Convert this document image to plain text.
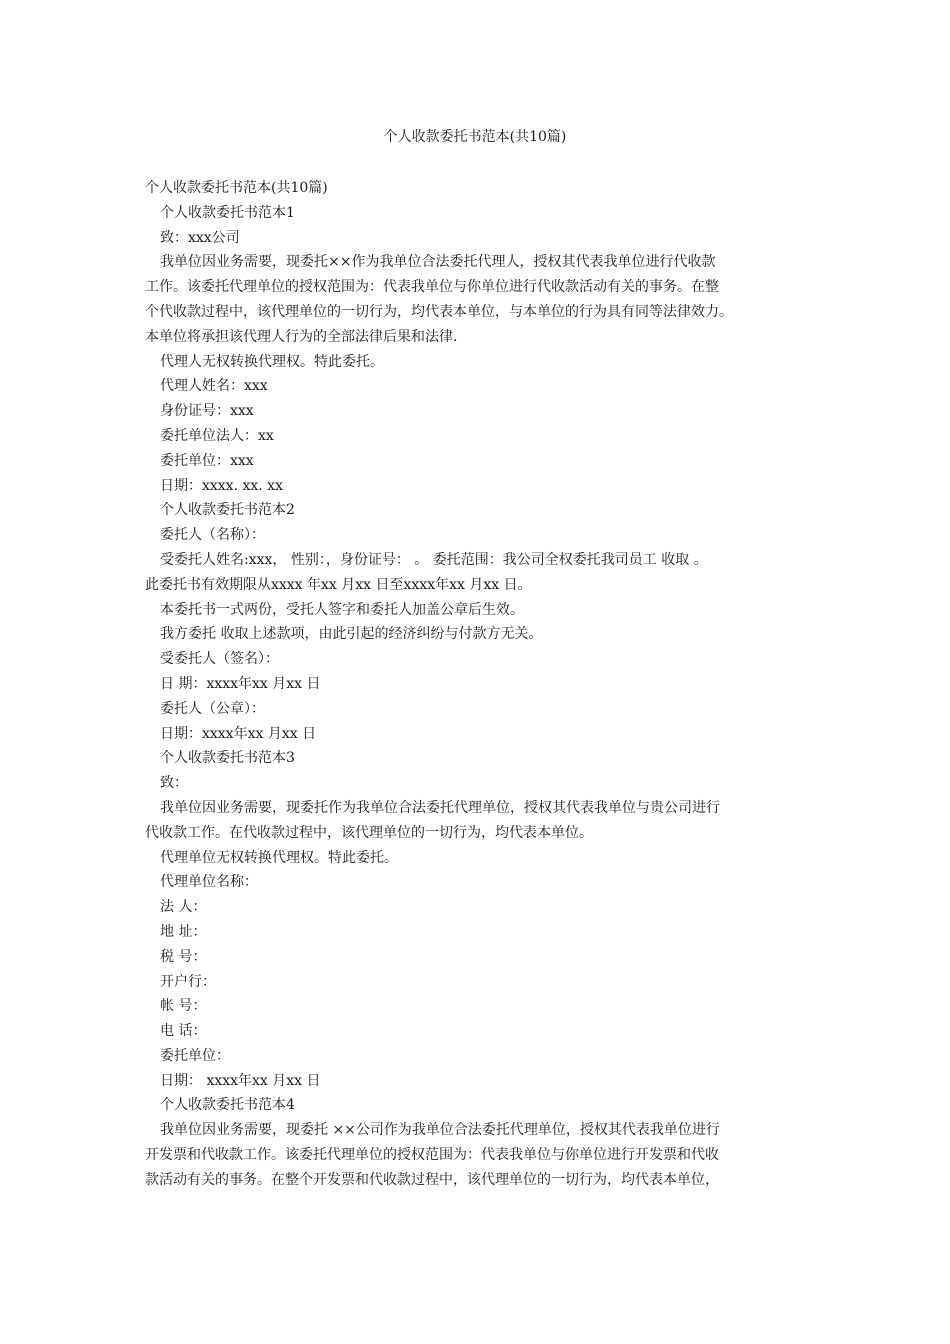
个人收款委托书范本(共10篇)
个人收款委托书范本(共10篇)
个人收款委托书范本1
致：xxx公司
我单位因业务需要，现委托××作为我单位合法委托代理人，授权其代表我单位进行代收款
工作。该委托代理单位的授权范围为：代表我单位与你单位进行代收款活动有关的事务。在整
个代收款过程中，该代理单位的一切行为，均代表本单位，与本单位的行为具有同等法律效力。
本单位将承担该代理人行为的全部法律后果和法律.
代理人无权转换代理权。特此委托。
代理人姓名：xxx
身份证号：xxx
委托单位法人：xx
委托单位：xxx
日期：xxxx. xx. xx
个人收款委托书范本2
委托人（名称）：
受委托人姓名:xxx， 性别：，身份证号： 。 委托范围：我公司全权委托我司员工 收取 。
此委托书有效期限从xxxx 年xx 月xx 日至xxxx年xx 月xx 日。
本委托书一式两份，受托人签字和委托人加盖公章后生效。
我方委托 收取上述款项，由此引起的经济纠纷与付款方无关。
受委托人（签名）：
日 期：xxxx年xx 月xx 日
委托人（公章）：
日期：xxxx年xx 月xx 日
个人收款委托书范本3
致：
我单位因业务需要，现委托作为我单位合法委托代理单位，授权其代表我单位与贵公司进行
代收款工作。在代收款过程中，该代理单位的一切行为，均代表本单位。
代理单位无权转换代理权。特此委托。
代理单位名称：
法 人：
地 址：
税 号：
开户行：
帐 号：
电 话：
委托单位：
日期： xxxx年xx 月xx 日
个人收款委托书范本4
我单位因业务需要，现委托 ××公司作为我单位合法委托代理单位，授权其代表我单位进行
开发票和代收款工作。该委托代理单位的授权范围为：代表我单位与你单位进行开发票和代收
款活动有关的事务。在整个开发票和代收款过程中，该代理单位的一切行为，均代表本单位，
